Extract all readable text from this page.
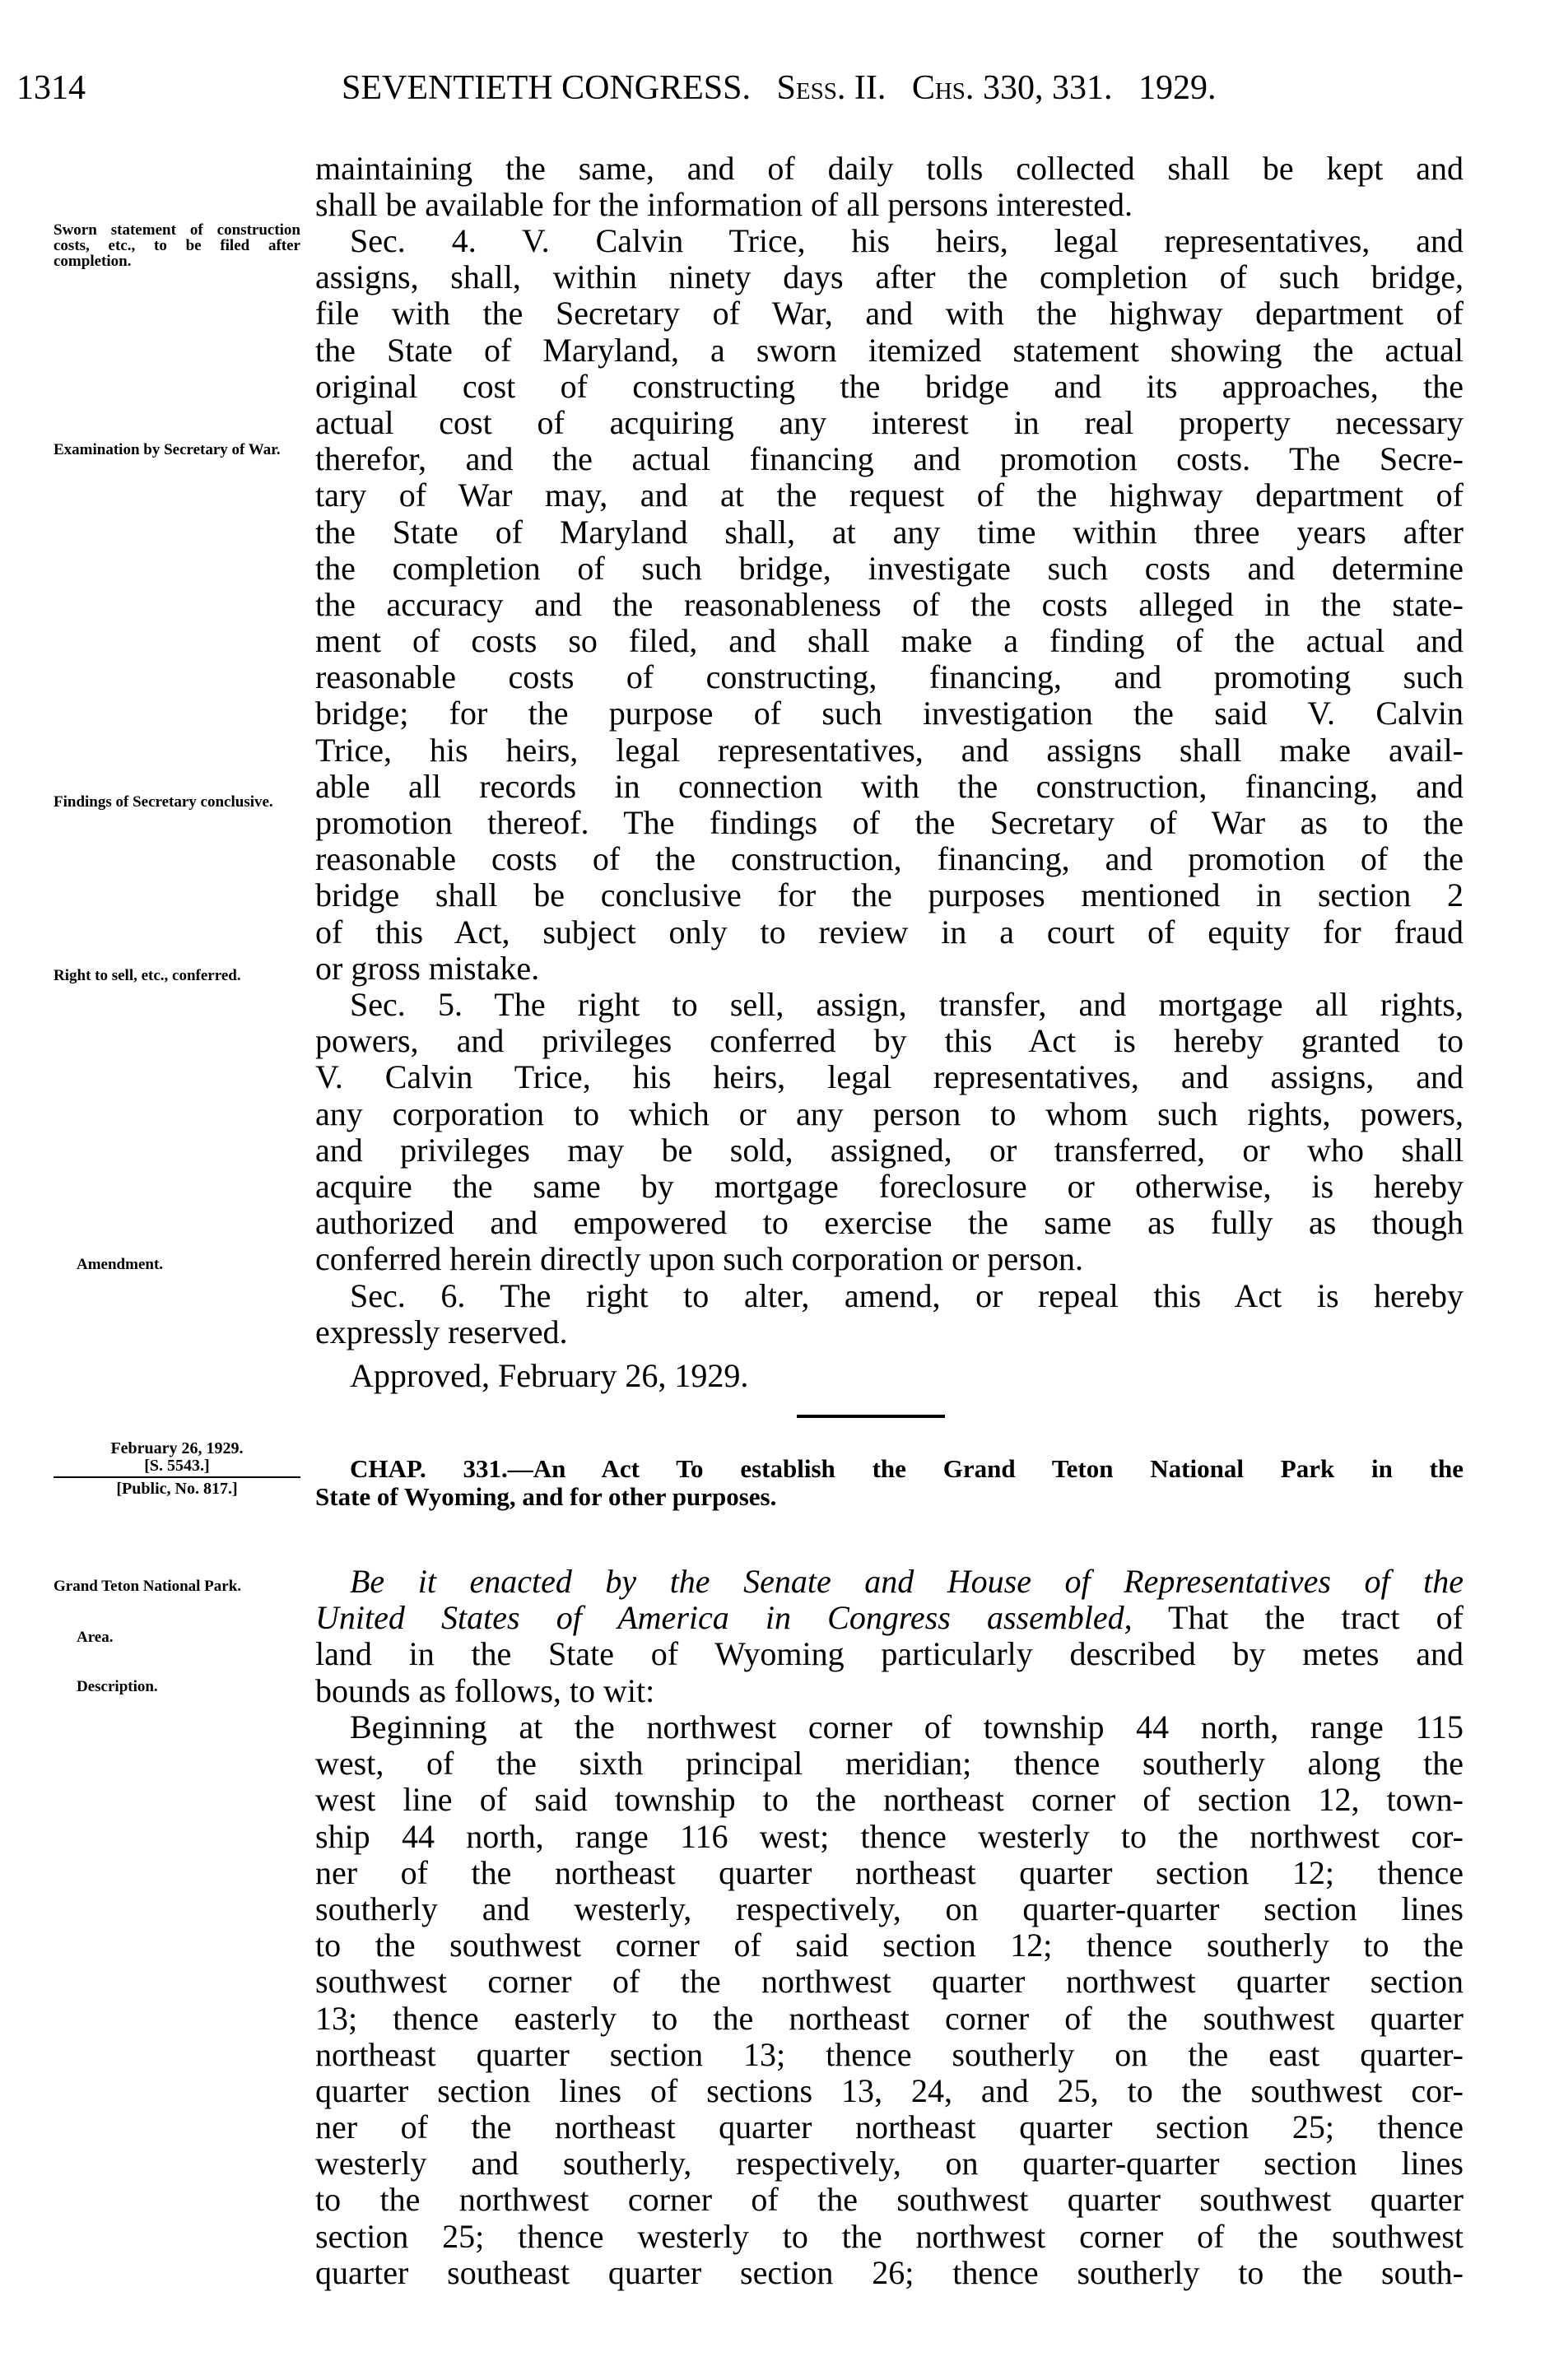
1314	SEVENTIETH CONGRESS. Sess. II. Chs. 330, 331. 1929.
maintaining the same, and of daily tolls collected shall be kept and
shall be available for the information of all persons interested.
Sec. 4. V. Calvin Trice, his heirs, legal representatives, and
assigns, shall, within ninety days after the completion of such bridge,
file with the Secretary of War, and with the highway department of
the State of Maryland, a sworn itemized statement showing the actual
original cost of constructing the bridge and its approaches, the
actual cost of acquiring any interest in real property necessary
therefor, and the actual financing and promotion costs. The Secre-
tary of War may, and at the request of the highway department of
the State of Maryland shall, at any time within three years after
the completion of such bridge, investigate such costs and determine
the accuracy and the reasonableness of the costs alleged in the state-
ment of costs so filed, and shall make a finding of the actual and
reasonable costs of constructing, financing, and promoting such
bridge; for the purpose of such investigation the said V. Calvin
Trice, his heirs, legal representatives, and assigns shall make avail-
able all records in connection with the construction, financing, and
promotion thereof. The findings of the Secretary of War as to the
reasonable costs of the construction, financing, and promotion of the
bridge shall be conclusive for the purposes mentioned in section 2
of this Act, subject only to review in a court of equity for fraud
or gross mistake.
Sec. 5. The right to sell, assign, transfer, and mortgage all rights,
powers, and privileges conferred by this Act is hereby granted to
V. Calvin Trice, his heirs, legal representatives, and assigns, and
any corporation to which or any person to whom such rights, powers,
and privileges may be sold, assigned, or transferred, or who shall
acquire the same by mortgage foreclosure or otherwise, is hereby
authorized and empowered to exercise the same as fully as though
conferred herein directly upon such corporation or person.
Sec. 6. The right to alter, amend, or repeal this Act is hereby
expressly reserved.
Approved, February 26, 1929.
Sworn statement of construction costs, etc., to be filed after completion.
Examination by Secretary of War.
Findings of Secretary conclusive.
Right to sell, etc., conferred.
Amendment.
February 26, 1929.
[S. 5543.]
[Public, No. 817.]
CHAP. 331.—An Act To establish the Grand Teton National Park in the
State of Wyoming, and for other purposes.
Be it enacted by the Senate and House of Representatives of the
United States of America in Congress assembled, That the tract of
land in the State of Wyoming particularly described by metes and
bounds as follows, to wit:
Grand Teton National Park.
Area.
Description.
Beginning at the northwest corner of township 44 north, range 115
west, of the sixth principal meridian; thence southerly along the
west line of said township to the northeast corner of section 12, town-
ship 44 north, range 116 west; thence westerly to the northwest cor-
ner of the northeast quarter northeast quarter section 12; thence
southerly and westerly, respectively, on quarter-quarter section lines
to the southwest corner of said section 12; thence southerly to the
southwest corner of the northwest quarter northwest quarter section
13; thence easterly to the northeast corner of the southwest quarter
northeast quarter section 13; thence southerly on the east quarter-
quarter section lines of sections 13, 24, and 25, to the southwest cor-
ner of the northeast quarter northeast quarter section 25; thence
westerly and southerly, respectively, on quarter-quarter section lines
to the northwest corner of the southwest quarter southwest quarter
section 25; thence westerly to the northwest corner of the southwest
quarter southeast quarter section 26; thence southerly to the south-
